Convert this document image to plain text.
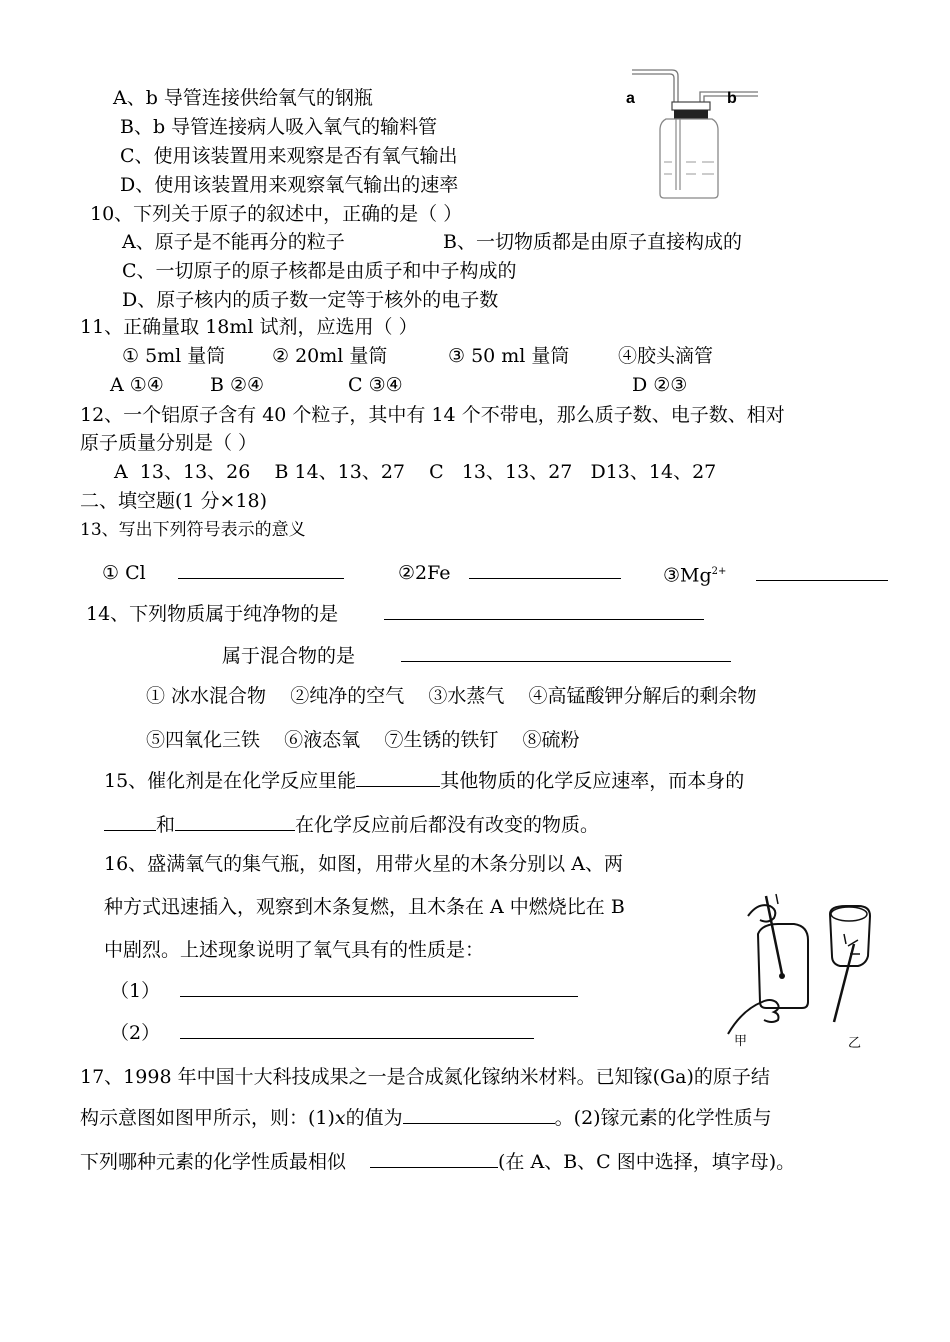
A、b 导管连接供给氧气的钢瓶
B、b 导管连接病人吸入氧气的输料管
C、使用该装置用来观察是否有氧气输出
D、使用该装置用来观察氧气输出的速率
a	b
10、下列关于原子的叙述中，正确的是（ ）
A、原子是不能再分的粒子	B、一切物质都是由原子直接构成的
C、一切原子的原子核都是由质子和中子构成的
D、原子核内的质子数一定等于核外的电子数
11、正确量取 18ml 试剂，应选用（ ）
① 5ml 量筒 ② 20ml 量筒	③ 50 ml 量筒	④胶头滴管
A ①④ B ②④	C ③④	D ②③
12、一个铝原子含有 40 个粒子，其中有 14 个不带电，那么质子数、电子数、相对
原子质量分别是（ ）
A  13、13、26    B 14、13、27    C   13、13、27   D13、14、27
二、填空题(1 分×18)
13、写出下列符号表示的意义
① Cl	②2Fe	$③Mg^{2+}$
14、下列物质属于纯净物的是
属于混合物的是
① 冰水混合物    ②纯净的空气    ③水蒸气    ④高锰酸钾分解后的剩余物
⑤四氧化三铁    ⑥液态氧    ⑦生锈的铁钉    ⑧硫粉
15、催化剂是在化学反应里能	其他物质的化学反应速率，而本身的
和	在化学反应前后都没有改变的物质。
16、盛满氧气的集气瓶，如图，用带火星的木条分别以 A、两
种方式迅速插入，观察到木条复燃，且木条在 A 中燃烧比在 B
中剧烈。上述现象说明了氧气具有的性质是：
（1）
（2）	甲	乙
17、1998 年中国十大科技成果之一是合成氮化镓纳米材料。已知镓(Ga)的原子结
构示意图如图甲所示，则：(1)x的值为	。(2)镓元素的化学性质与
下列哪种元素的化学性质最相似	(在 A、B、C 图中选择，填字母)。
